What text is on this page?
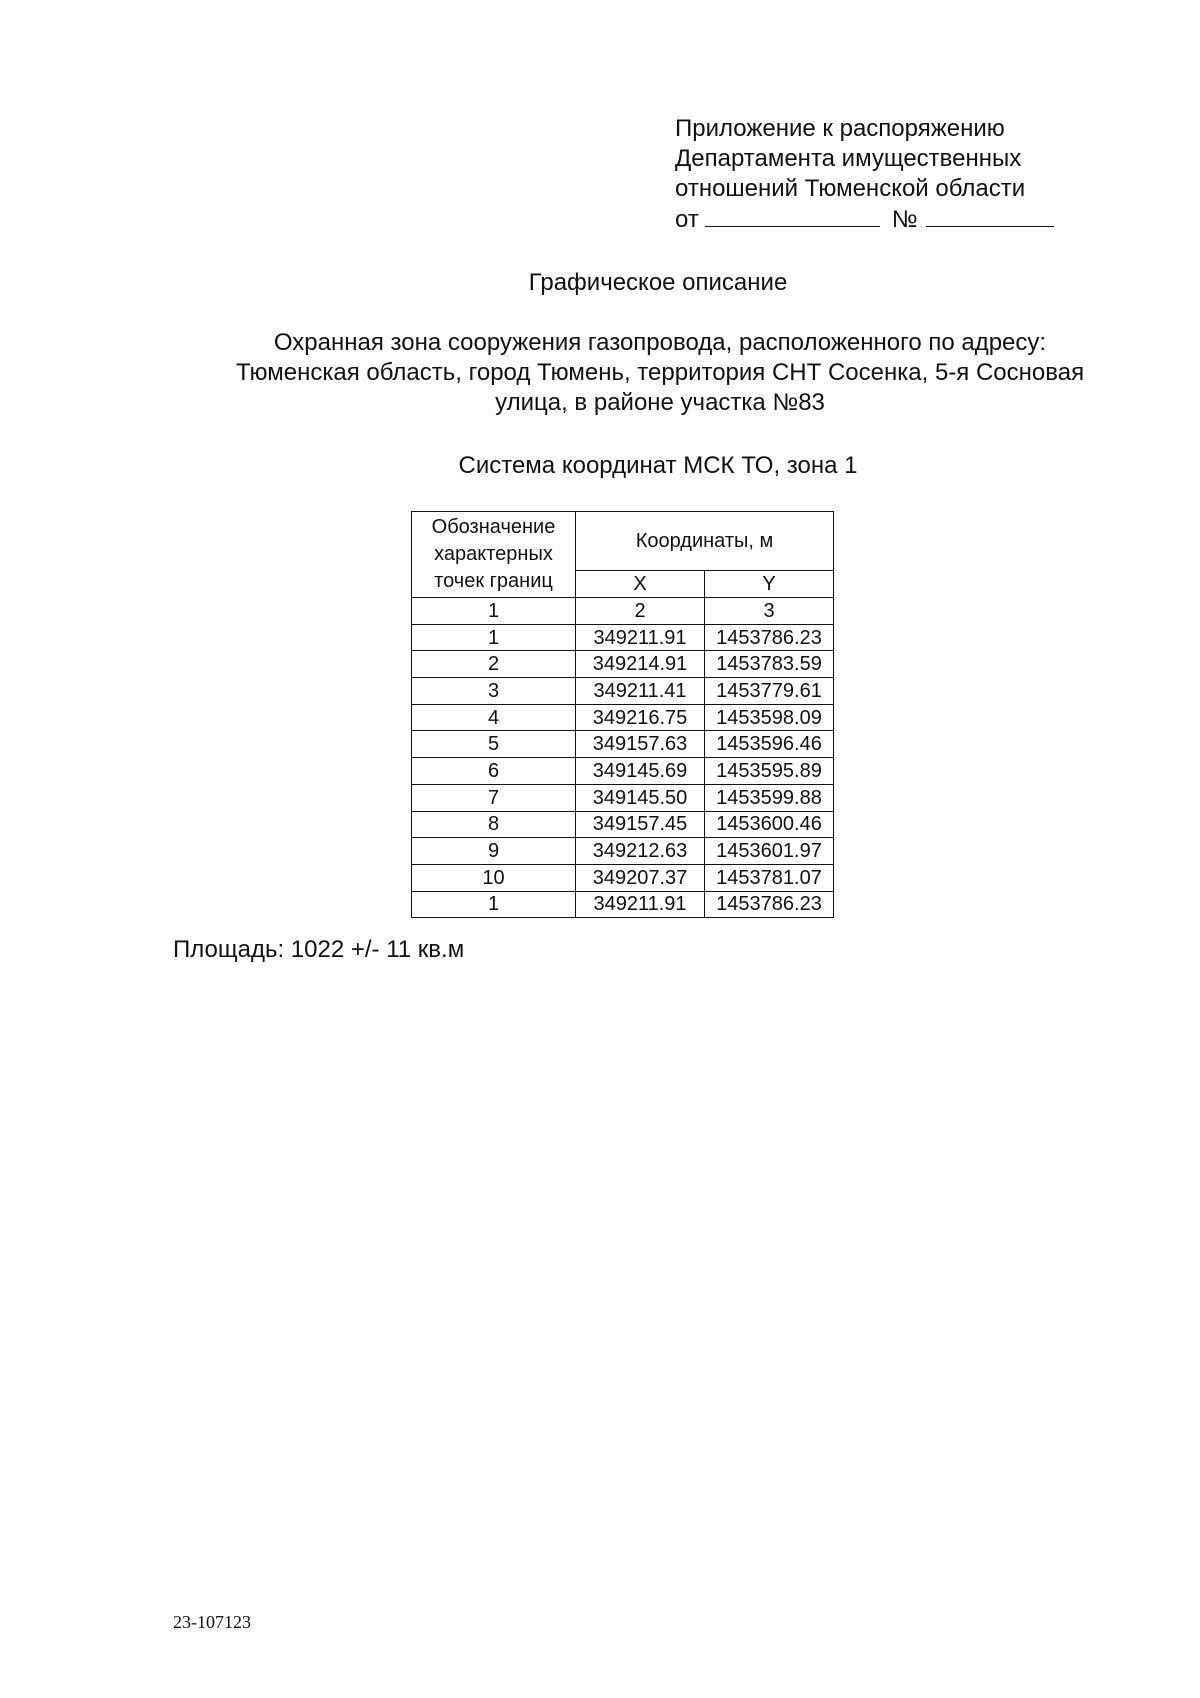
Приложение к распоряжению
Департамента имущественных
отношений Тюменской области
от	№
Графическое описание
Охранная зона сооружения газопровода, расположенного по адресу:
Тюменская область, город Тюмень, территория СНТ Сосенка, 5-я Сосновая
улица, в районе участка №83
Система координат МСК ТО, зона 1
Обозначение
характерных
точек границ	Координаты, м	
	X	Y
1	2	3
1	349211.91	1453786.23
2	349214.91	1453783.59
3	349211.41	1453779.61
4	349216.75	1453598.09
5	349157.63	1453596.46
6	349145.69	1453595.89
7	349145.50	1453599.88
8	349157.45	1453600.46
9	349212.63	1453601.97
10	349207.37	1453781.07
1	349211.91	1453786.23
Площадь: 1022 +/- 11 кв.м
23-107123
